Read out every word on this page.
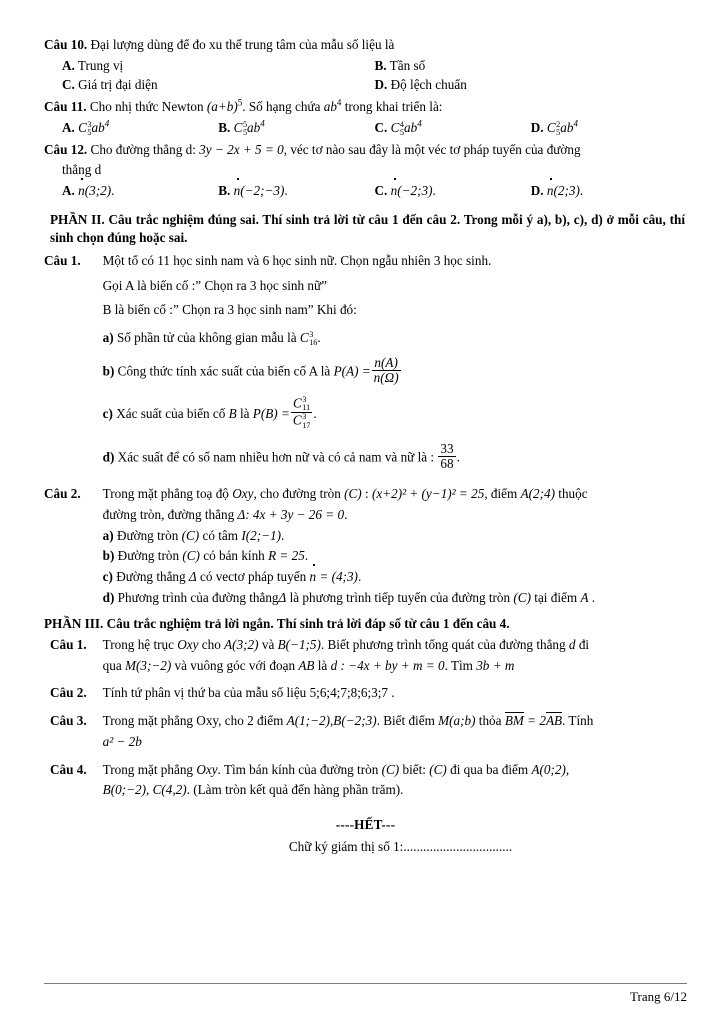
Câu 10. Đại lượng dùng để đo xu thế trung tâm của mẫu số liệu là
A. Trung vị	B. Tần số
C. Giá trị đại diện	D. Độ lệch chuẩn
Câu 11. Cho nhị thức Newton $(a+b)^5$. Số hạng chứa $ab^4$ trong khai triển là:
A. C 3
5 $ab^4$	B. C 5
5 $ab^4$	C. C 4
5 $ab^4$	D. C 2
5 $ab^4$
Câu 12. Cho đường thẳng d: 3y − 2x + 5 = 0, véc tơ nào sau đây là một véc tơ pháp tuyến của đường
thẳng d
A. n(3;2).	B. n(−2;−3).	C. n(−2;3).	D. n(2;3).
PHẦN II. Câu trắc nghiệm đúng sai. Thí sinh trả lời từ câu 1 đến câu 2. Trong mỗi ý a), b), c), d) ở mỗi câu, thí sinh chọn đúng hoặc sai.
Câu 1. Một tổ có 11 học sinh nam và 6 học sinh nữ. Chọn ngẫu nhiên 3 học sinh.
Gọi A là biến cố :” Chọn ra 3 học sinh nữ”
B là biến cố :” Chọn ra 3 học sinh nam” Khi đó:
a) Số phần tử của không gian mẫu là C 3
16 .
b) Công thức tính xác suất của biến cố A là $P(A) = \frac{n(A)}{n(\Omega)}$
c) Xác suất của biến cố B là P(B) = C 3
11
C 3
17 .
d) Xác suất để có số nam nhiều hơn nữ và có cả nam và nữ là : $\frac{33}{68}$ .
Câu 2. Trong mặt phẳng toạ độ Oxy, cho đường tròn (C) : (x+2)² + (y−1)² = 25, điểm A(2;4) thuộc
đường tròn, đường thẳng Δ: 4x + 3y − 26 = 0.
a) Đường tròn (C) có tâm I(2;−1).
b) Đường tròn (C) có bán kính R = 25.
c) Đường thẳng Δ có vectơ pháp tuyến n = (4;3).
d) Phương trình của đường thẳngΔ là phương trình tiếp tuyến của đường tròn (C) tại điểm A .
PHẦN III. Câu trắc nghiệm trả lời ngắn. Thí sinh trả lời đáp số từ câu 1 đến câu 4.
Câu 1. Trong hệ trục Oxy cho A(3;2) và B(−1;5). Biết phương trình tổng quát của đường thẳng d đi
qua M(3;−2) và vuông góc với đoạn AB là d : −4x + by + m = 0. Tìm 3b + m
Câu 2. Tính tứ phân vị thứ ba của mẫu số liệu 5;6;4;7;8;6;3;7 .
Câu 3. Trong mặt phẳng Oxy, cho 2 điểm A(1;−2),B(−2;3). Biết điểm M(a;b) thỏa BM = 2AB. Tính
a² − 2b
Câu 4. Trong mặt phẳng Oxy. Tìm bán kính của đường tròn (C) biết: (C) đi qua ba điểm A(0;2),
B(0;−2), C(4,2). (Làm tròn kết quả đến hàng phần trăm).
----HẾT---
Chữ ký giám thị số 1:.................................
Trang 6/12
